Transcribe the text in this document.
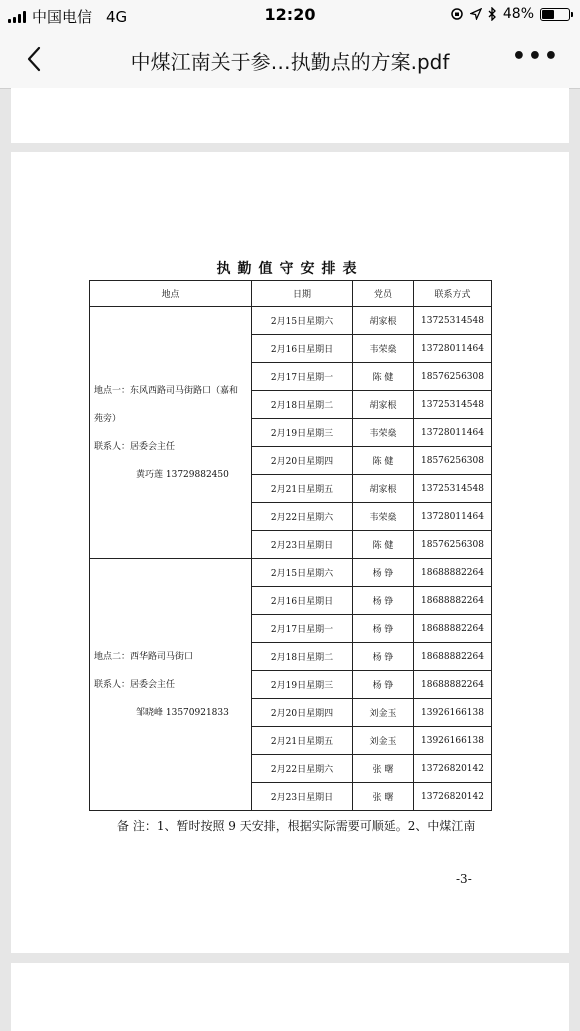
中国电信 4G	12:20	48%
中煤江南关于参…执勤点的方案.pdf	•••
执勤值守安排表
地点	日期	党员	联系方式

地点一：东风西路司马街路口（嘉和
苑旁）
联系人：居委会主任
黄巧莲 13729882450	2月15日星期六	胡家根	13725314548
	2月16日星期日	韦荣燊	13728011464
	2月17日星期一	陈 健	18576256308
	2月18日星期二	胡家根	13725314548
	2月19日星期三	韦荣燊	13728011464
	2月20日星期四	陈 健	18576256308
	2月21日星期五	胡家根	13725314548
	2月22日星期六	韦荣燊	13728011464
	2月23日星期日	陈 健	18576256308

地点二：西华路司马街口
联系人：居委会主任
邹晓峰 13570921833	2月15日星期六	杨 铮	18688882264
	2月16日星期日	杨 铮	18688882264
	2月17日星期一	杨 铮	18688882264
	2月18日星期二	杨 铮	18688882264
	2月19日星期三	杨 铮	18688882264
	2月20日星期四	刘金玉	13926166138
	2月21日星期五	刘金玉	13926166138
	2月22日星期六	张 曙	13726820142
	2月23日星期日	张 曙	13726820142
备 注：1、暂时按照 9 天安排，根据实际需要可顺延。2、中煤江南
-3-
